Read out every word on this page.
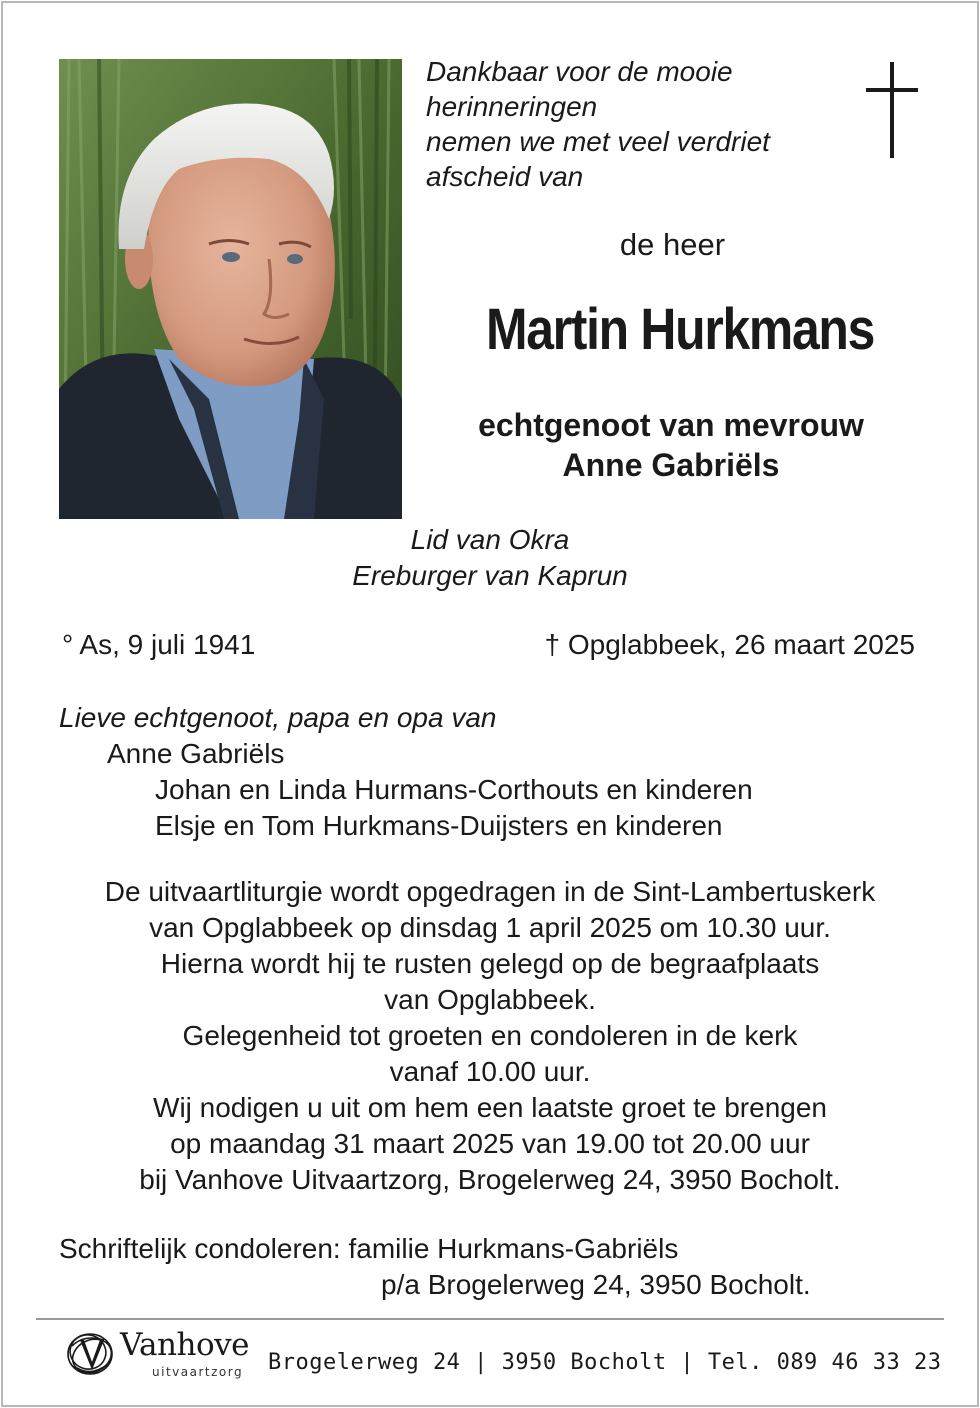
Dankbaar voor de mooie
herinneringen
nemen we met veel verdriet
afscheid van
de heer
Martin Hurkmans
echtgenoot van mevrouw
Anne Gabriëls
Lid van Okra
Ereburger van Kaprun
° As, 9 juli 1941	† Opglabbeek, 26 maart 2025
Lieve echtgenoot, papa en opa van
Anne Gabriëls
Johan en Linda Hurmans-Corthouts en kinderen
Elsje en Tom Hurkmans-Duijsters en kinderen
De uitvaartliturgie wordt opgedragen in de Sint-Lambertuskerk
van Opglabbeek op dinsdag 1 april 2025 om 10.30 uur.
Hierna wordt hij te rusten gelegd op de begraafplaats
van Opglabbeek.
Gelegenheid tot groeten en condoleren in de kerk
vanaf 10.00 uur.
Wij nodigen u uit om hem een laatste groet te brengen
op maandag 31 maart 2025 van 19.00 tot 20.00 uur
bij Vanhove Uitvaartzorg, Brogelerweg 24, 3950 Bocholt.
Schriftelijk condoleren: familie Hurkmans-Gabriëls
p/a Brogelerweg 24, 3950 Bocholt.
Vanhove
uitvaartzorg Brogelerweg 24 | 3950 Bocholt | Tel. 089 46 33 23
